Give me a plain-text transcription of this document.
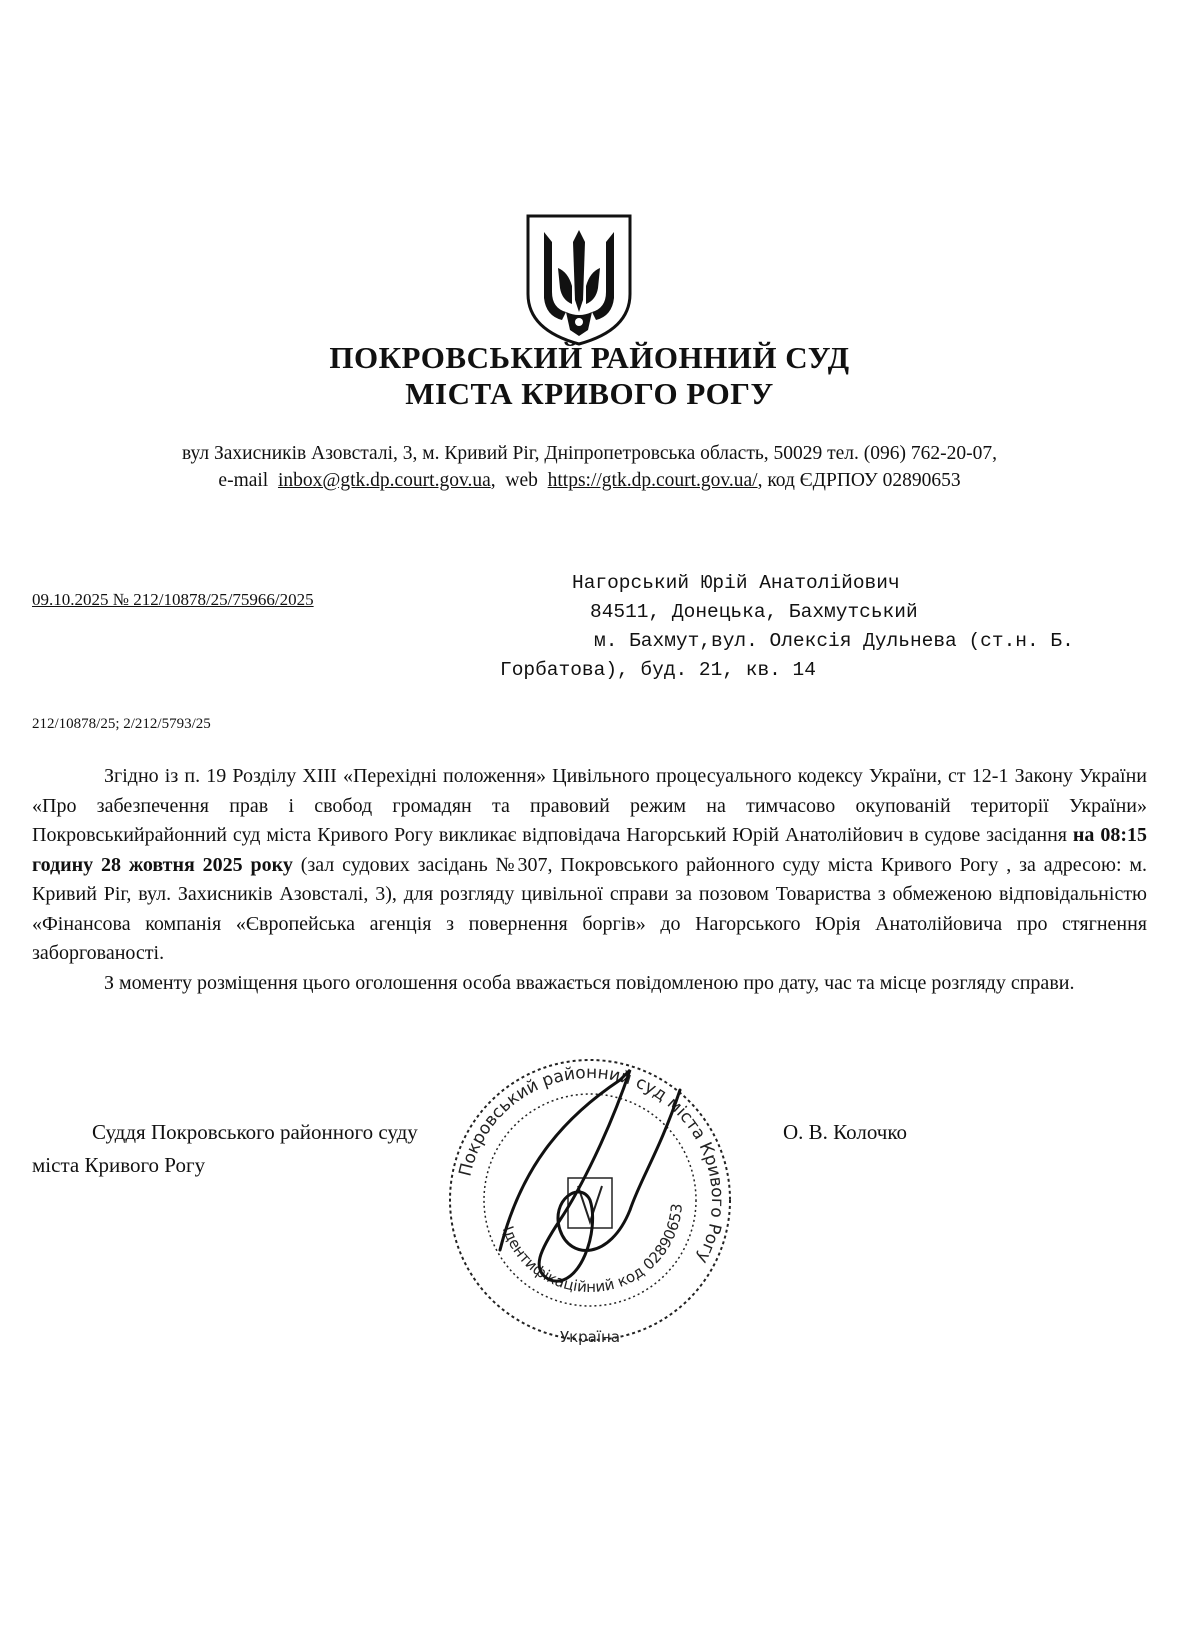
ПОКРОВСЬКИЙ РАЙОННИЙ СУД
МІСТА КРИВОГО РОГУ
вул Захисників Азовсталі, 3, м. Кривий Ріг, Дніпропетровська область, 50029 тел. (096) 762-20-07,
e-mail inbox@gtk.dp.court.gov.ua,  web https://gtk.dp.court.gov.ua/, код ЄДРПОУ 02890653
09.10.2025 № 212/10878/25/75966/2025
Нагорський Юрій Анатолійович
84511, Донецька, Бахмутський
м. Бахмут,вул. Олексія Дульнева (ст.н. Б.
Горбатова), буд. 21, кв. 14
212/10878/25; 2/212/5793/25

Згідно із п. 19 Розділу XIII «Перехідні положення» Цивільного процесуального кодексу України, ст 12-1 Закону України «Про забезпечення прав і свобод громадян та правовий режим на тимчасово окупованій території України» Покровськийрайонний суд міста Кривого Рогу викликає відповідача Нагорський Юрій Анатолійович в судове засідання на 08:15 годину 28 жовтня 2025 року (зал судових засідань №307, Покровського районного суду міста Кривого Рогу , за адресою: м. Кривий Ріг, вул. Захисників Азовсталі, 3), для розгляду цивільної справи за позовом Товариства з обмеженою відповідальністю «Фінансова компанія «Європейська агенція з повернення боргів» до Нагорського Юрія Анатолійовича про стягнення заборгованості.

З моменту розміщення цього оголошення особа вважається повідомленою про дату, час та місце розгляду справи.

Суддя Покровського районного суду
міста Кривого Рогу
О. В. Колочко
Покровський районний суд міста Кривого Рогу
Ідентифікаційний код 02890653
Україна
